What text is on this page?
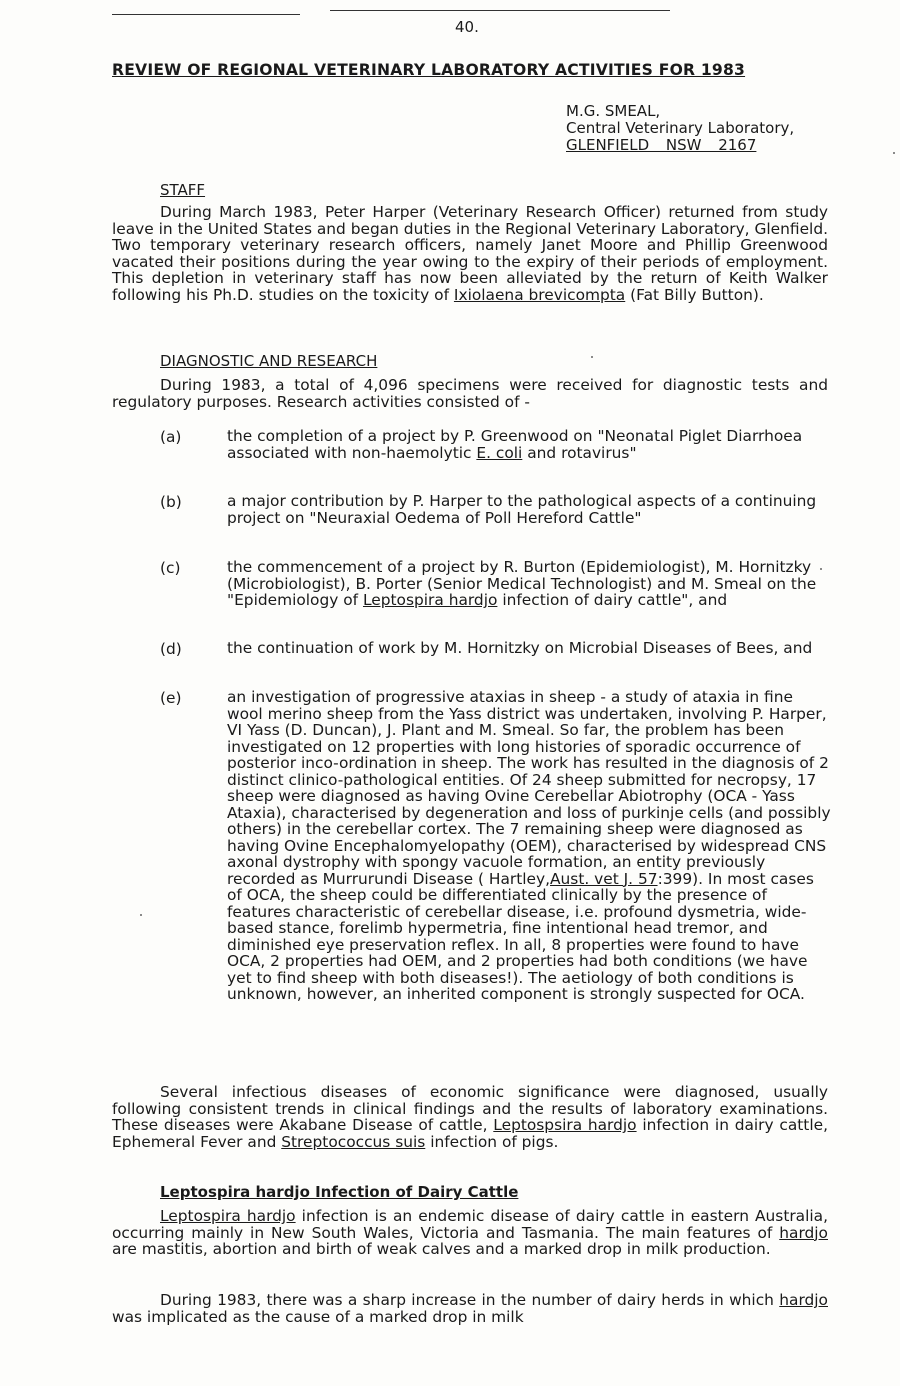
40.
REVIEW OF REGIONAL VETERINARY LABORATORY ACTIVITIES FOR 1983
M.G. SMEAL,
Central Veterinary Laboratory,
GLENFIELD NSW 2167
STAFF
During March 1983, Peter Harper (Veterinary Research Officer) returned from study leave in the United States and began duties in the Regional Veterinary Laboratory, Glenfield. Two temporary veterinary research officers, namely Janet Moore and Phillip Greenwood vacated their positions during the year owing to the expiry of their periods of employment. This depletion in veterinary staff has now been alleviated by the return of Keith Walker following his Ph.D. studies on the toxicity of Ixiolaena brevicompta (Fat Billy Button).
DIAGNOSTIC AND RESEARCH
During 1983, a total of 4,096 specimens were received for diagnostic tests and regulatory purposes. Research activities consisted of -
(a)	the completion of a project by P. Greenwood on "Neonatal Piglet Diarrhoea associated with non-haemolytic E. coli and rotavirus"
(b)	a major contribution by P. Harper to the pathological aspects of a continuing project on "Neuraxial Oedema of Poll Hereford Cattle"
(c)	the commencement of a project by R. Burton (Epidemiologist), M. Hornitzky (Microbiologist), B. Porter (Senior Medical Technologist) and M. Smeal on the "Epidemiology of Leptospira hardjo infection of dairy cattle", and
(d)	the continuation of work by M. Hornitzky on Microbial Diseases of Bees, and
(e)	an investigation of progressive ataxias in sheep - a study of ataxia in fine wool merino sheep from the Yass district was undertaken, involving P. Harper, VI Yass (D. Duncan), J. Plant and M. Smeal. So far, the problem has been investigated on 12 properties with long histories of sporadic occurrence of posterior inco-ordination in sheep. The work has resulted in the diagnosis of 2 distinct clinico-pathological entities. Of 24 sheep submitted for necropsy, 17 sheep were diagnosed as having Ovine Cerebellar Abiotrophy (OCA - Yass Ataxia), characterised by degeneration and loss of purkinje cells (and possibly others) in the cerebellar cortex. The 7 remaining sheep were diagnosed as having Ovine Encephalomyelopathy (OEM), characterised by widespread CNS axonal dystrophy with spongy vacuole formation, an entity previously recorded as Murrurundi Disease ( Hartley,Aust. vet J. 57:399). In most cases of OCA, the sheep could be differentiated clinically by the presence of features characteristic of cerebellar disease, i.e. profound dysmetria, wide-based stance, forelimb hypermetria, fine intentional head tremor, and diminished eye preservation reflex. In all, 8 properties were found to have OCA, 2 properties had OEM, and 2 properties had both conditions (we have yet to find sheep with both diseases!). The aetiology of both conditions is unknown, however, an inherited component is strongly suspected for OCA.
Several infectious diseases of economic significance were diagnosed, usually following consistent trends in clinical findings and the results of laboratory examinations. These diseases were Akabane Disease of cattle, Leptospsira hardjo infection in dairy cattle, Ephemeral Fever and Streptococcus suis infection of pigs.
Leptospira hardjo Infection of Dairy Cattle
Leptospira hardjo infection is an endemic disease of dairy cattle in eastern Australia, occurring mainly in New South Wales, Victoria and Tasmania. The main features of hardjo are mastitis, abortion and birth of weak calves and a marked drop in milk production.
During 1983, there was a sharp increase in the number of dairy herds in which hardjo was implicated as the cause of a marked drop in milk
